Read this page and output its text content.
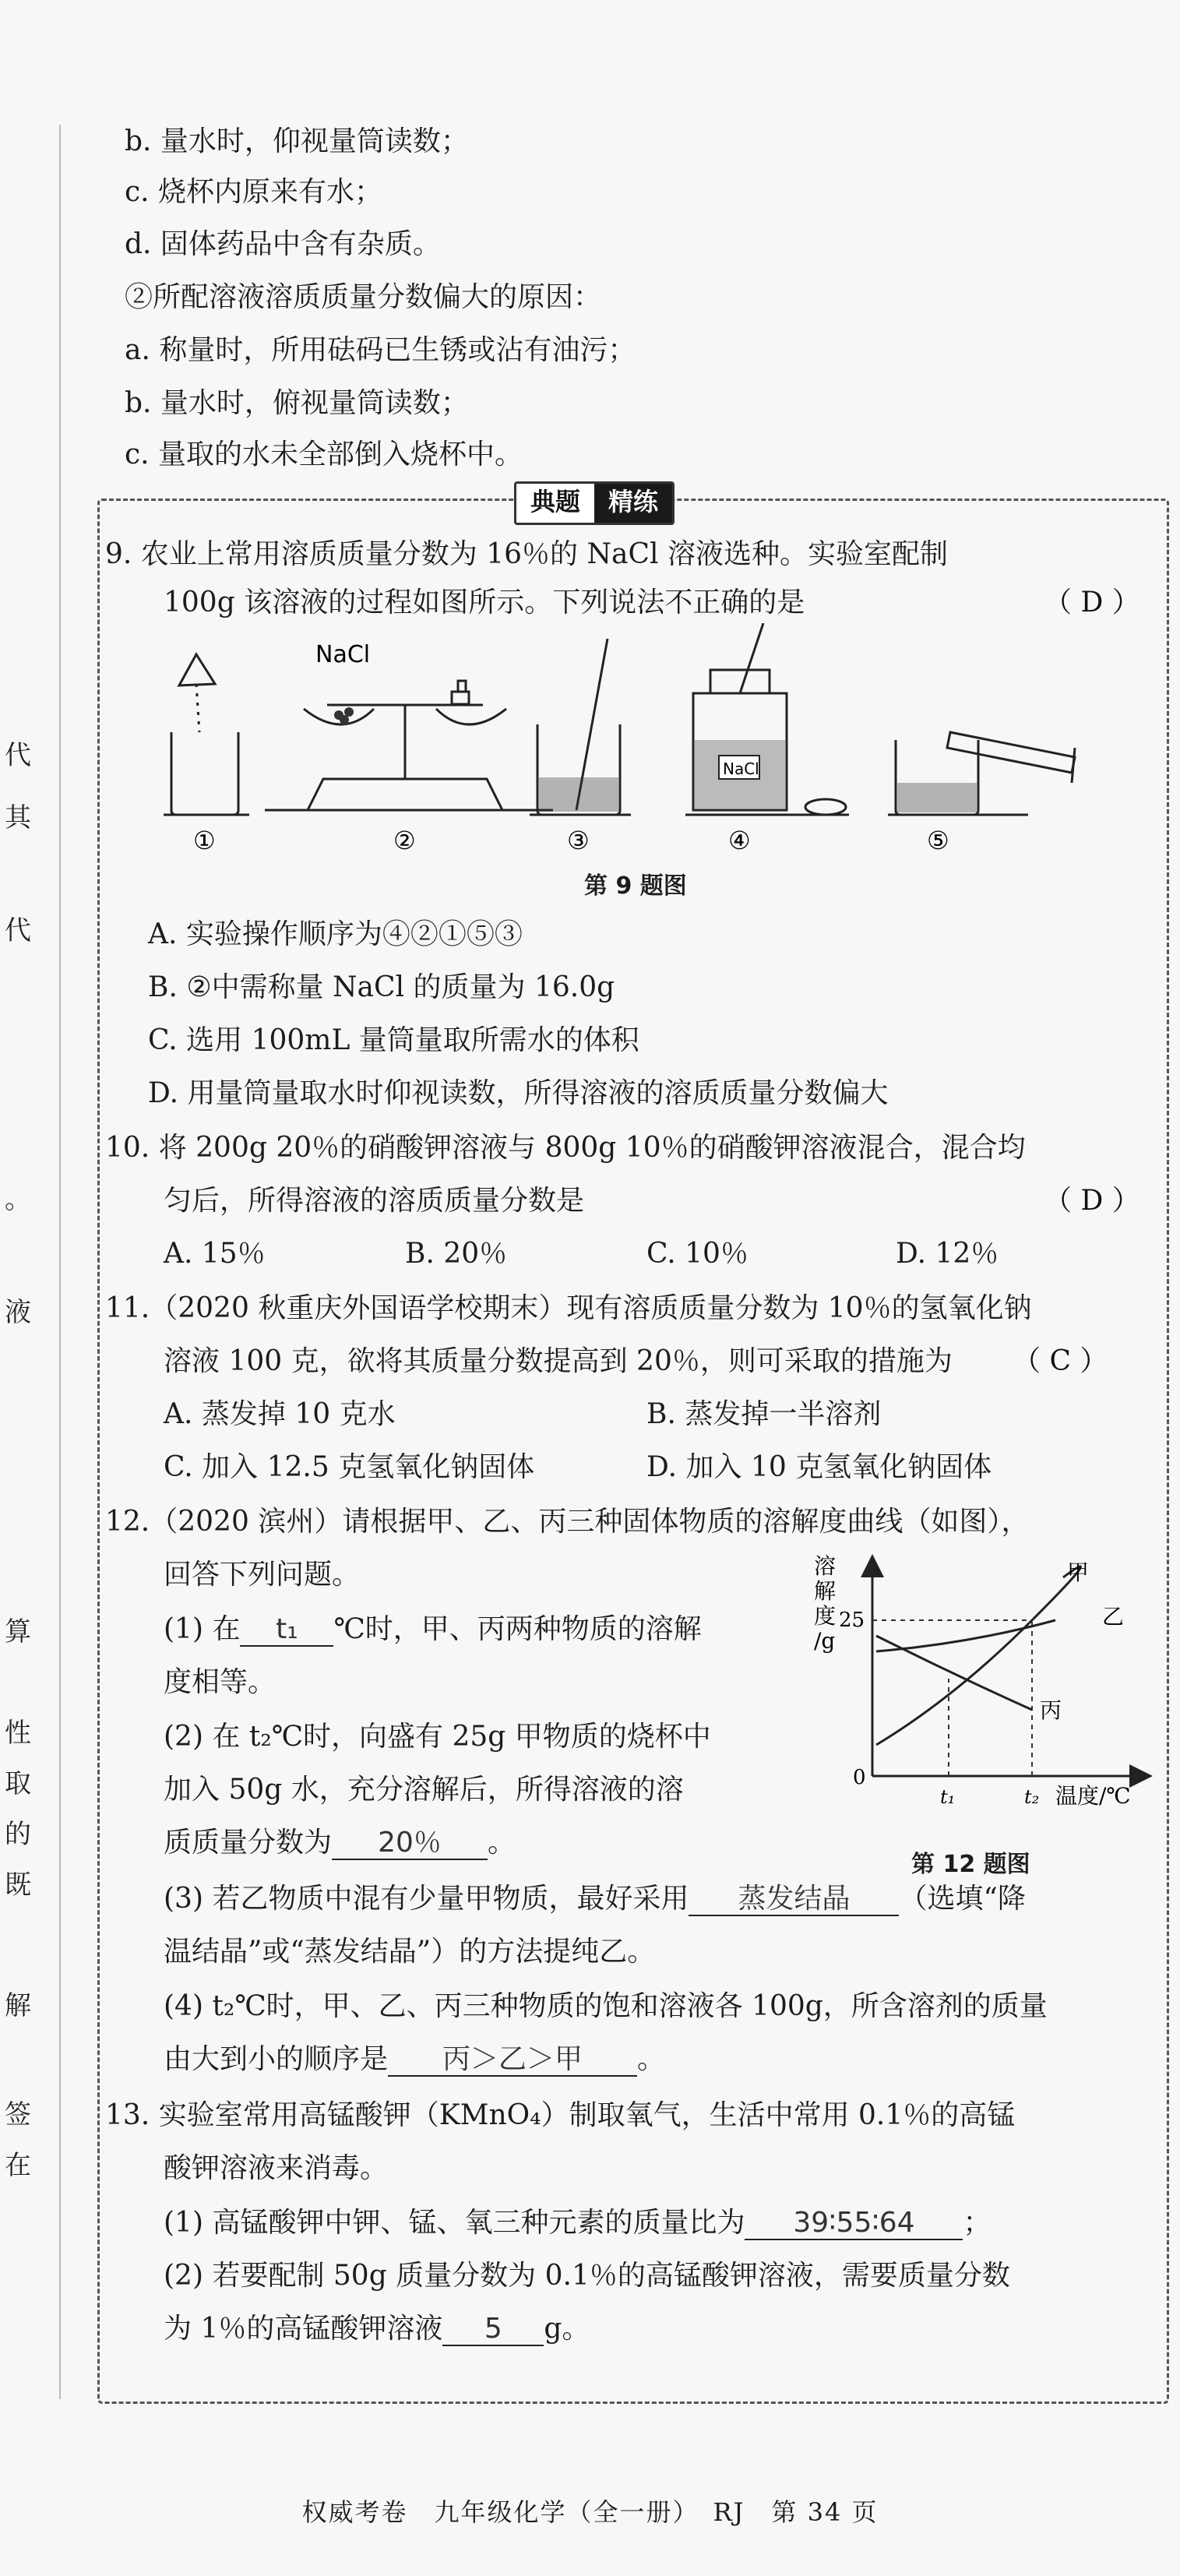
代
其
代
。
液
算
性
取
的
既
解
签
在
b. 量水时，仰视量筒读数；
c. 烧杯内原来有水；
d. 固体药品中含有杂质。
②所配溶液溶质质量分数偏大的原因：
a. 称量时，所用砝码已生锈或沾有油污；
b. 量水时，俯视量筒读数；
c. 量取的水未全部倒入烧杯中。
典题	精练
9. 农业上常用溶质质量分数为 16％的 NaCl 溶液选种。实验室配制
100g 该溶液的过程如图所示。下列说法不正确的是	（ D ）
NaCl
NaCl
①	②	③	④	⑤
第 9 题图
A. 实验操作顺序为④②①⑤③
B. ②中需称量 NaCl 的质量为 16.0g
C. 选用 100mL 量筒量取所需水的体积
D. 用量筒量取水时仰视读数，所得溶液的溶质质量分数偏大
10. 将 200g 20％的硝酸钾溶液与 800g 10％的硝酸钾溶液混合，混合均
匀后，所得溶液的溶质质量分数是	（ D ）
A. 15％	B. 20％	C. 10％	D. 12％
11.（2020 秋重庆外国语学校期末）现有溶质质量分数为 10％的氢氧化钠
溶液 100 克，欲将其质量分数提高到 20％，则可采取的措施为 （ C ）
A. 蒸发掉 10 克水	B. 蒸发掉一半溶剂
C. 加入 12.5 克氢氧化钠固体	D. 加入 10 克氢氧化钠固体
12.（2020 滨州）请根据甲、乙、丙三种固体物质的溶解度曲线（如图），
回答下列问题。
(1) 在 t₁ ℃时，甲、丙两种物质的溶解
度相等。
(2) 在 t₂℃时，向盛有 25g 甲物质的烧杯中
加入 50g 水，充分溶解后，所得溶液的溶
质质量分数为 20％ 。
(3) 若乙物质中混有少量甲物质，最好采用 蒸发结晶 （选填“降
温结晶”或“蒸发结晶”）的方法提纯乙。
(4) t₂℃时，甲、乙、丙三种物质的饱和溶液各 100g，所含溶剂的质量
由大到小的顺序是 丙＞乙＞甲 。
溶
解
度
/g
25
0
t₁	t₂ 温度/℃
甲
乙
丙
第 12 题图
13. 实验室常用高锰酸钾（KMnO₄）制取氧气，生活中常用 0.1％的高锰
酸钾溶液来消毒。
(1) 高锰酸钾中钾、锰、氧三种元素的质量比为 39∶55∶64 ；
(2) 若要配制 50g 质量分数为 0.1％的高锰酸钾溶液，需要质量分数
为 1％的高锰酸钾溶液 5 g。
权威考卷　九年级化学（全一册）　RJ　第 34 页
